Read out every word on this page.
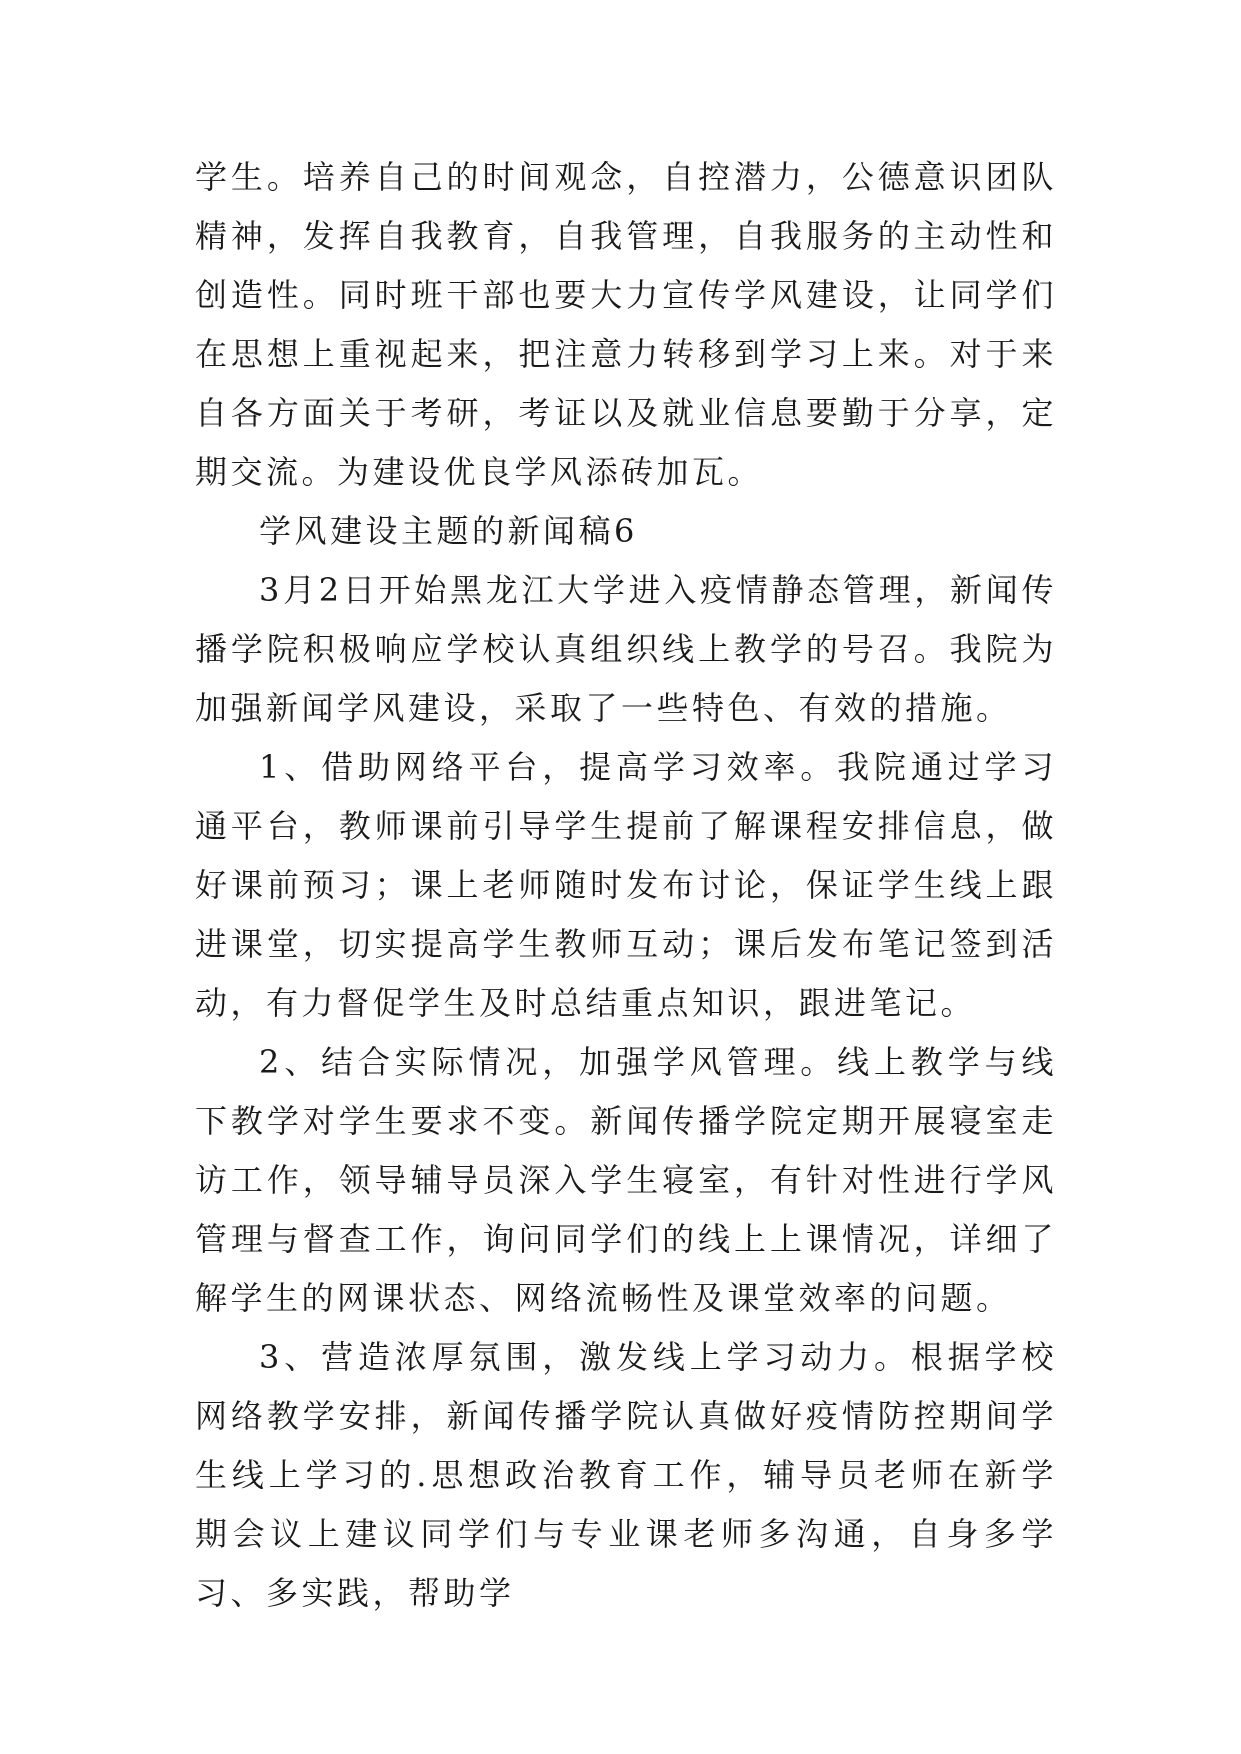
学生。培养自己的时间观念，自控潜力，公德意识团队精神，发挥自我教育，自我管理，自我服务的主动性和创造性。同时班干部也要大力宣传学风建设，让同学们在思想上重视起来，把注意力转移到学习上来。对于来自各方面关于考研，考证以及就业信息要勤于分享，定期交流。为建设优良学风添砖加瓦。

学风建设主题的新闻稿6

3月2日开始黑龙江大学进入疫情静态管理，新闻传播学院积极响应学校认真组织线上教学的号召。我院为加强新闻学风建设，采取了一些特色、有效的措施。

1、借助网络平台，提高学习效率。我院通过学习通平台，教师课前引导学生提前了解课程安排信息，做好课前预习；课上老师随时发布讨论，保证学生线上跟进课堂，切实提高学生教师互动；课后发布笔记签到活动，有力督促学生及时总结重点知识，跟进笔记。

2、结合实际情况，加强学风管理。线上教学与线下教学对学生要求不变。新闻传播学院定期开展寝室走访工作，领导辅导员深入学生寝室，有针对性进行学风管理与督查工作，询问同学们的线上上课情况，详细了解学生的网课状态、网络流畅性及课堂效率的问题。

3、营造浓厚氛围，激发线上学习动力。根据学校网络教学安排，新闻传播学院认真做好疫情防控期间学生线上学习的.思想政治教育工作，辅导员老师在新学期会议上建议同学们与专业课老师多沟通，自身多学习、多实践，帮助学
